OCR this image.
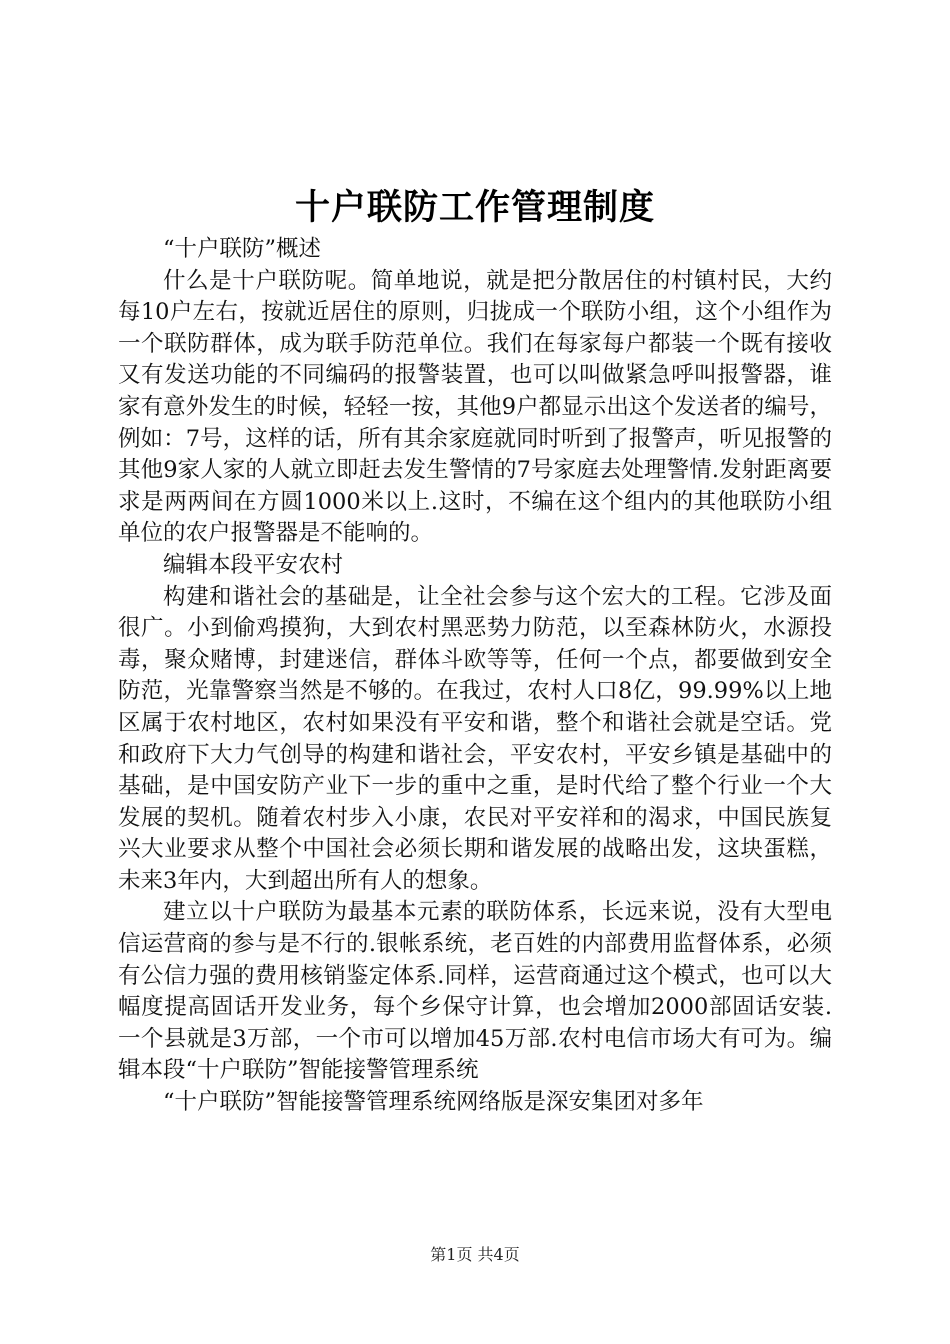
十户联防工作管理制度

“十户联防”概述

什么是十户联防呢。简单地说，就是把分散居住的村镇村民，大约每10户左右，按就近居住的原则，归拢成一个联防小组，这个小组作为一个联防群体，成为联手防范单位。我们在每家每户都装一个既有接收又有发送功能的不同编码的报警装置，也可以叫做紧急呼叫报警器，谁家有意外发生的时候，轻轻一按，其他9户都显示出这个发送者的编号，例如：7号，这样的话，所有其余家庭就同时听到了报警声，听见报警的其他9家人家的人就立即赶去发生警情的7号家庭去处理警情.发射距离要求是两两间在方圆1000米以上.这时，不编在这个组内的其他联防小组单位的农户报警器是不能响的。

编辑本段平安农村

构建和谐社会的基础是，让全社会参与这个宏大的工程。它涉及面很广。小到偷鸡摸狗，大到农村黑恶势力防范，以至森林防火，水源投毒，聚众赌博，封建迷信，群体斗欧等等，任何一个点，都要做到安全防范，光靠警察当然是不够的。在我过，农村人口8亿，99.99%以上地区属于农村地区，农村如果没有平安和谐，整个和谐社会就是空话。党和政府下大力气创导的构建和谐社会，平安农村，平安乡镇是基础中的基础，是中国安防产业下一步的重中之重，是时代给了整个行业一个大发展的契机。随着农村步入小康，农民对平安祥和的渴求，中国民族复兴大业要求从整个中国社会必须长期和谐发展的战略出发，这块蛋糕，未来3年内，大到超出所有人的想象。

建立以十户联防为最基本元素的联防体系，长远来说，没有大型电信运营商的参与是不行的.银帐系统，老百姓的内部费用监督体系，必须有公信力强的费用核销鉴定体系.同样，运营商通过这个模式，也可以大幅度提高固话开发业务，每个乡保守计算，也会增加2000部固话安装.一个县就是3万部，一个市可以增加45万部.农村电信市场大有可为。编辑本段“十户联防”智能接警管理系统

“十户联防”智能接警管理系统网络版是深安集团对多年

第1页 共4页
